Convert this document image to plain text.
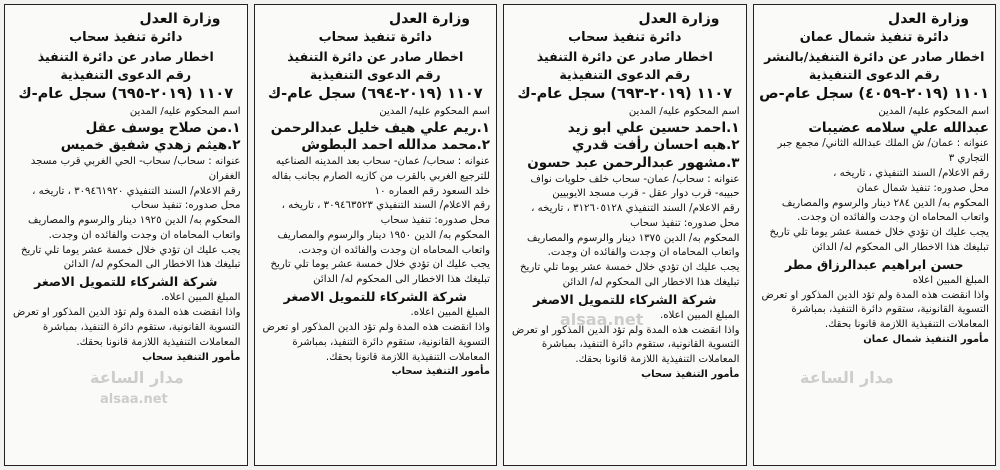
وزارة العدل
دائرة تنفيذ شمال عمان
اخطار صادر عن دائرة التنفيذ/بالنشر
رقم الدعوى التنفيذية
١١٠١ (٢٠١٩-٤٠٥٩) سجل عام-ص
اسم المحكوم عليه/ المدين
عبدالله علي سلامه عضيبات
عنوانه : عمان/ ش الملك عبدالله الثاني/ مجمع جبر التجاري ٣
رقم الاعلام/ السند التنفيذي ، تاريخه ،
محل صدوره: تنفيذ شمال عمان
المحكوم به/ الدين ٢٨٤ دينار والرسوم والمصاريف واتعاب المحاماه ان وجدت والفائده ان وجدت.
يجب عليك ان تؤدي خلال خمسة عشر يوما تلي تاريخ تبليغك هذا الاخطار الى المحكوم له/ الدائن
حسن ابراهيم عبدالرزاق مطر
المبلغ المبين اعلاه
واذا انقضت هذه المدة ولم تؤد الدين المذكور او تعرض التسوية القانونية، ستقوم دائرة التنفيذ، بمباشرة المعاملات التنفيذية اللازمة قانونا بحقك.
مأمور التنفيذ شمال عمان
وزارة العدل
دائرة تنفيذ سحاب
اخطار صادر عن دائرة التنفيذ
رقم الدعوى التنفيذية
١١٠٧ (٢٠١٩-٦٩٣) سجل عام-ك
اسم المحكوم عليه/ المدين
١.احمد حسين علي ابو زيد
٢.هبه احسان رأفت قدري
٣.مشهور عبدالرحمن عبد حسون
عنوانه : سحاب/ عمان- سحاب خلف حلويات نواف حبيبه- قرب دوار عقل - قرب مسجد الايوبيين
رقم الاعلام/ السند التنفيذي ٣١٢٦٠٥١٢٨ ، تاريخه ،
محل صدوره: تنفيذ سحاب
المحكوم به/ الدين ١٣٧٥ دينار والرسوم والمصاريف واتعاب المحاماه ان وجدت والفائده ان وجدت.
يجب عليك ان تؤدي خلال خمسة عشر يوما تلي تاريخ تبليغك هذا الاخطار الى المحكوم له/ الدائن
شركة الشركاء للتمويل الاصغر
المبلغ المبين اعلاه.
واذا انقضت هذه المدة ولم تؤد الدين المذكور او تعرض التسوية القانونية، ستقوم دائرة التنفيذ، بمباشرة المعاملات التنفيذية اللازمة قانونا بحقك.
مأمور التنفيذ سحاب
وزارة العدل
دائرة تنفيذ سحاب
اخطار صادر عن دائرة التنفيذ
رقم الدعوى التنفيذية
١١٠٧ (٢٠١٩-٦٩٤) سجل عام-ك
اسم المحكوم عليه/ المدين
١.ريم علي هيف خليل عبدالرحمن
٢.محمد مدالله احمد البطوش
عنوانه : سحاب/ عمان- سحاب بعد المدينه الصناعيه للترجيع الغربي بالقرب من كازيه الصارم بجانب بقاله خلد السعود رقم العماره ١٠
رقم الاعلام/ السند التنفيذي ٣٠٩٤٦٣٥٢٣ ، تاريخه ،
محل صدوره: تنفيذ سحاب
المحكوم به/ الدين ١٩٥٠ دينار والرسوم والمصاريف واتعاب المحاماه ان وجدت والفائده ان وجدت.
يجب عليك ان تؤدي خلال خمسة عشر يوما تلي تاريخ تبليغك هذا الاخطار الى المحكوم له/ الدائن
شركة الشركاء للتمويل الاصغر
المبلغ المبين اعلاه.
واذا انقضت هذه المدة ولم تؤد الدين المذكور او تعرض التسوية القانونية، ستقوم دائرة التنفيذ، بمباشرة المعاملات التنفيذية اللازمة قانونا بحقك.
مأمور التنفيذ سحاب
وزارة العدل
دائرة تنفيذ سحاب
اخطار صادر عن دائرة التنفيذ
رقم الدعوى التنفيذية
١١٠٧ (٢٠١٩-٦٩٥) سجل عام-ك
اسم المحكوم عليه/ المدين
١.من صلاح يوسف عقل
٢.هيثم زهدي شفيق خميس
عنوانه : سحاب/ سحاب- الحي الغربي قرب مسجد الغفران
رقم الاعلام/ السند التنفيذي ٣٠٩٤٦١٩٢٠ ، تاريخه ،
محل صدوره: تنفيذ سحاب
المحكوم به/ الدين ١٩٢٥ دينار والرسوم والمصاريف واتعاب المحاماه ان وجدت والفائده ان وجدت.
يجب عليك ان تؤدي خلال خمسة عشر يوما تلي تاريخ تبليغك هذا الاخطار الى المحكوم له/ الدائن
شركة الشركاء للتمويل الاصغر
المبلغ المبين اعلاه.
واذا انقضت هذه المدة ولم تؤد الدين المذكور او تعرض التسوية القانونية، ستقوم دائرة التنفيذ، بمباشرة المعاملات التنفيذية اللازمة قانونا بحقك.
مأمور التنفيذ سحاب
مدار الساعة
alsaa.net
مدار الساعة
alsaa.net
